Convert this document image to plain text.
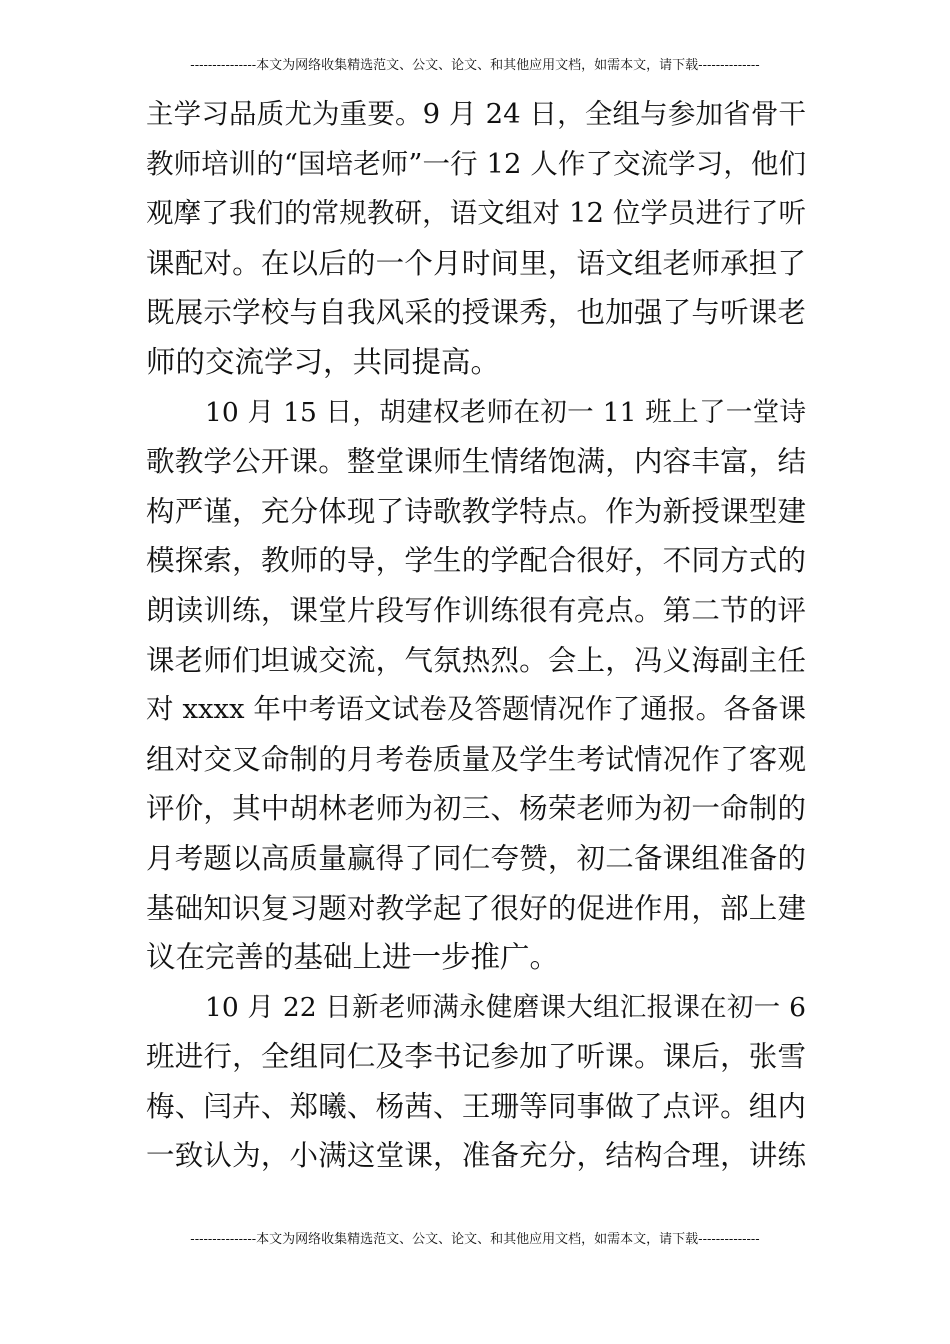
---------------本文为网络收集精选范文、公文、论文、和其他应用文档，如需本文，请下载--------------
主学习品质尤为重要。9 月 24 日，全组与参加省骨干
教师培训的“国培老师”一行 12 人作了交流学习，他们
观摩了我们的常规教研，语文组对 12 位学员进行了听
课配对。在以后的一个月时间里，语文组老师承担了
既展示学校与自我风采的授课秀，也加强了与听课老
师的交流学习，共同提高。
10 月 15 日，胡建权老师在初一 11 班上了一堂诗
歌教学公开课。整堂课师生情绪饱满，内容丰富，结
构严谨，充分体现了诗歌教学特点。作为新授课型建
模探索，教师的导，学生的学配合很好，不同方式的
朗读训练，课堂片段写作训练很有亮点。第二节的评
课老师们坦诚交流，气氛热烈。会上，冯义海副主任
对 xxxx 年中考语文试卷及答题情况作了通报。各备课
组对交叉命制的月考卷质量及学生考试情况作了客观
评价，其中胡林老师为初三、杨荣老师为初一命制的
月考题以高质量赢得了同仁夸赞，初二备课组准备的
基础知识复习题对教学起了很好的促进作用，部上建
议在完善的基础上进一步推广。
10 月 22 日新老师满永健磨课大组汇报课在初一 6
班进行，全组同仁及李书记参加了听课。课后，张雪
梅、闫卉、郑曦、杨茜、王珊等同事做了点评。组内
一致认为，小满这堂课，准备充分，结构合理，讲练
---------------本文为网络收集精选范文、公文、论文、和其他应用文档，如需本文，请下载--------------
